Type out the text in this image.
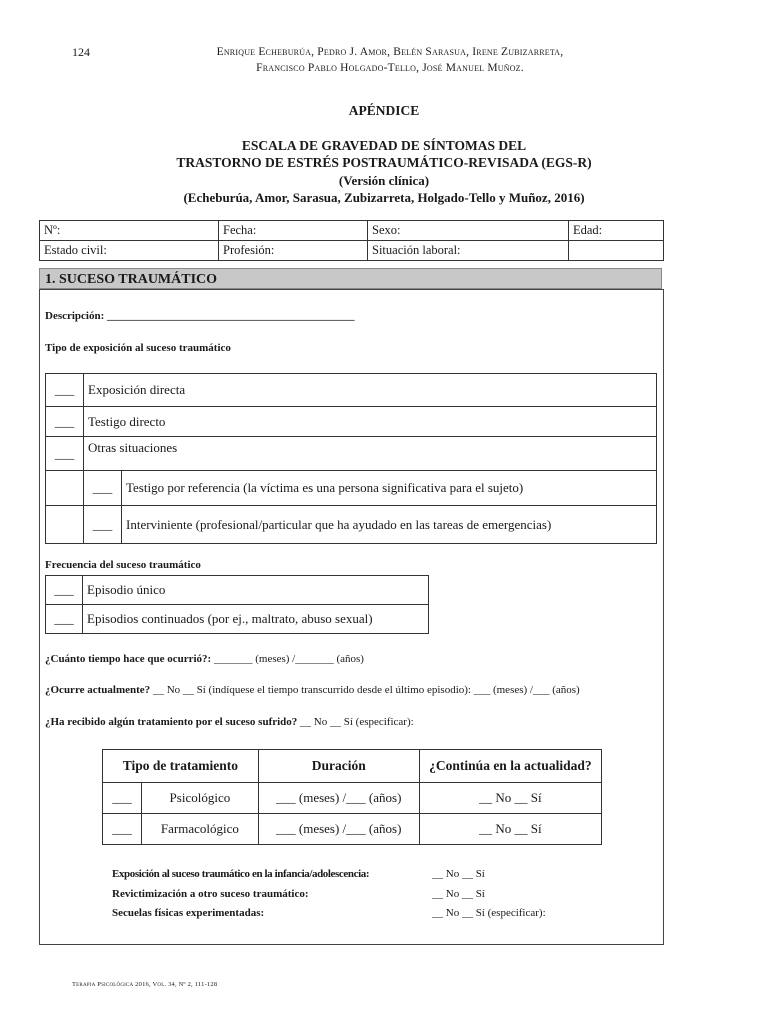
124	Enrique Echeburúa, Pedro J. Amor, Belén Sarasua, Irene Zubizarreta,
Francisco Pablo Holgado-Tello, José Manuel Muñoz.
APÉNDICE
ESCALA DE GRAVEDAD DE SÍNTOMAS DEL
TRASTORNO DE ESTRÉS POSTRAUMÁTICO-REVISADA (EGS-R)
(Versión clínica)
(Echeburúa, Amor, Sarasua, Zubizarreta, Holgado-Tello y Muñoz, 2016)
Nº:	Fecha:	Sexo:	Edad:
Estado civil:	Profesión:	Situación laboral:	
1. SUCESO TRAUMÁTICO
Descripción: _____________________________________________
Tipo de exposición al suceso traumático
___	Exposición directa	
___	Testigo directo	
___	Otras situaciones	
	___	Testigo por referencia (la víctima es una persona significativa para el sujeto)
	___	Interviniente (profesional/particular que ha ayudado en las tareas de emergencias)
Frecuencia del suceso traumático
___	Episodio único
___	Episodios continuados (por ej., maltrato, abuso sexual)
¿Cuánto tiempo hace que ocurrió?: _______ (meses) /_______ (años)
¿Ocurre actualmente? __ No __ Sí (indíquese el tiempo transcurrido desde el último episodio): ___ (meses) /___ (años)
¿Ha recibido algún tratamiento por el suceso sufrido? __ No __ Sí (especificar):
Tipo de tratamiento		Duración	¿Continúa en la actualidad?
___	Psicológico	___ (meses) /___ (años)	__ No __ Sí
___	Farmacológico	___ (meses) /___ (años)	__ No __ Sí
Exposición al suceso traumático en la infancia/adolescencia:	__ No __ Sí
Revictimización a otro suceso traumático:	__ No __ Sí
Secuelas físicas experimentadas:	__ No __ Sí (especificar):
Terapia Psicológica 2016, Vol. 34, Nº 2, 111-128
